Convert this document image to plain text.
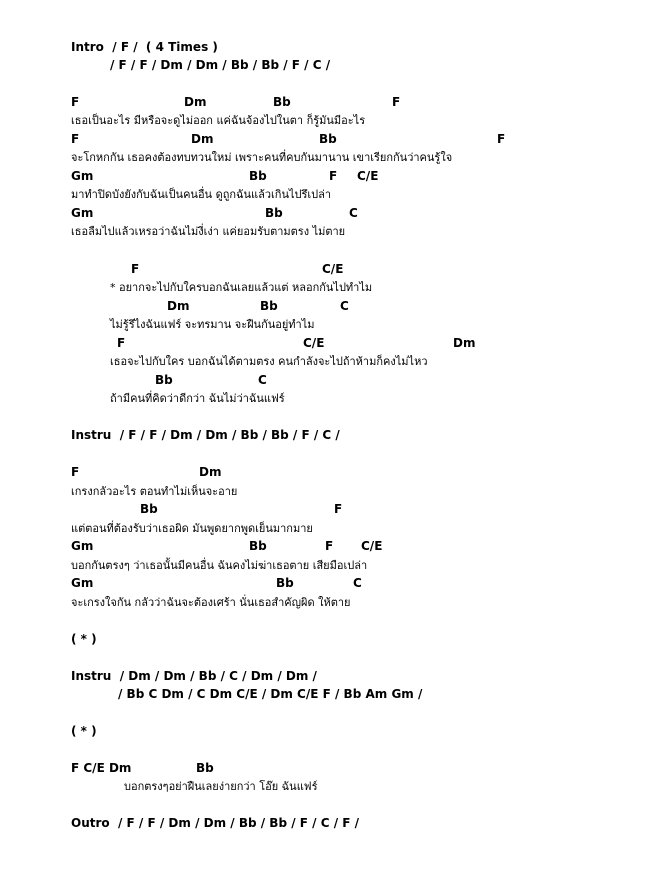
Intro  / F /  ( 4 Times )
/ F / F / Dm / Dm / Bb / Bb / F / C /
F	Dm	Bb	F
เธอเป็นอะไร มีหรือจะดูไม่ออก แค่ฉันจ้องไปในตา ก็รู้มันมีอะไร
F	Dm	Bb	F
จะโกหกกัน เธอคงต้องทบทวนใหม่ เพราะคนที่คบกันมานาน เขาเรียกกันว่าคนรู้ใจ
Gm	Bb	F C/E
มาทำปิดบังยังกับฉันเป็นคนอื่น ดูถูกฉันแล้วเกินไปรึเปล่า
Gm	Bb	C
เธอลืมไปแล้วเหรอว่าฉันไม่งี่เง่า แค่ยอมรับตามตรง ไม่ตาย
F	C/E
* อยากจะไปกับใครบอกฉันเลยแล้วแต่ หลอกกันไปทำไม
Dm	Bb	C
ไม่รู้รึไงฉันแฟร์ จะทรมาน จะฝืนกันอยู่ทำไม
F	C/E	Dm
เธอจะไปกับใคร บอกฉันได้ตามตรง คนกำลังจะไปถ้าห้ามก็คงไม่ไหว
Bb	C
ถ้ามีคนที่คิดว่าดีกว่า ฉันไม่ว่าฉันแฟร์
Instru  / F / F / Dm / Dm / Bb / Bb / F / C /
F	Dm
เกรงกลัวอะไร ตอนทำไม่เห็นจะอาย
Bb	F
แต่ตอนที่ต้องรับว่าเธอผิด มันพูดยากพูดเย็นมากมาย
Gm	Bb	F C/E
บอกกันตรงๆ ว่าเธอนั้นมีคนอื่น ฉันคงไม่ฆ่าเธอตาย เสียมือเปล่า
Gm	Bb	C
จะเกรงใจกัน กลัวว่าฉันจะต้องเศร้า นั่นเธอสำคัญผิด ให้ตาย
( * )
Instru  / Dm / Dm / Bb / C / Dm / Dm /
/ Bb C Dm / C Dm C/E / Dm C/E F / Bb Am Gm /
( * )
F C/E Dm	Bb
บอกตรงๆอย่าฝืนเลยง่ายกว่า โอ๊ย ฉันแฟร์
Outro  / F / F / Dm / Dm / Bb / Bb / F / C / F /
